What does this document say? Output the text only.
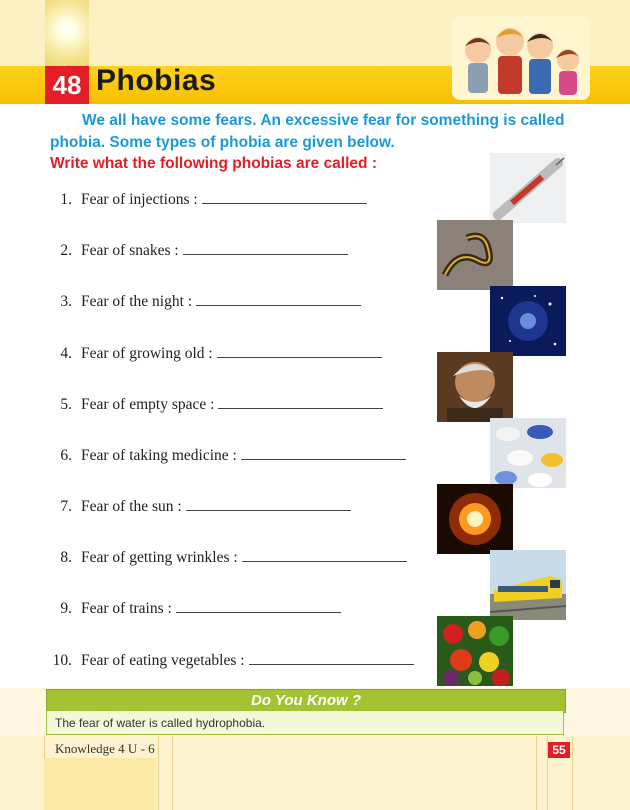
48 Phobias
We all have some fears. An excessive fear for something is called phobia. Some types of phobia are given below.
Write what the following phobias are called :
1. Fear of injections :
2. Fear of snakes :
3. Fear of the night :
4. Fear of growing old :
5. Fear of empty space :
6. Fear of taking medicine :
7. Fear of the sun :
8. Fear of getting wrinkles :
9. Fear of trains :
10. Fear of eating vegetables :
Do You Know ?
The fear of water is called hydrophobia.
Knowledge 4 U - 6	55
